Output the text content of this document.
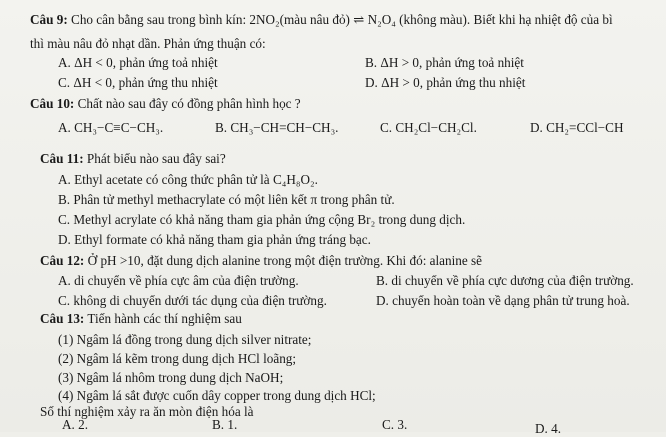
Câu 9: Cho cân bằng sau trong bình kín: 2NO₂(màu nâu đỏ) ⇌ N₂O₄ (không màu). Biết khi hạ nhiệt độ của bì
thì màu nâu đỏ nhạt dần. Phản ứng thuận có:
A. ΔH < 0, phản ứng toả nhiệt	B. ΔH > 0, phản ứng toả nhiệt
C. ΔH < 0, phản ứng thu nhiệt	D. ΔH > 0, phản ứng thu nhiệt
Câu 10: Chất nào sau đây có đồng phân hình học ?
A. CH₃−C≡C−CH₃.	B. CH₃−CH=CH−CH₃.	C. CH₂Cl−CH₂Cl.	D. CH₂=CCl−CH
Câu 11: Phát biểu nào sau đây sai?
A. Ethyl acetate có công thức phân tử là C₄H₈O₂.
B. Phân tử methyl methacrylate có một liên kết π trong phân tử.
C. Methyl acrylate có khả năng tham gia phản ứng cộng Br₂ trong dung dịch.
D. Ethyl formate có khả năng tham gia phản ứng tráng bạc.
Câu 12: Ở pH >10, đặt dung dịch alanine trong một điện trường. Khi đó: alanine sẽ
A. di chuyển về phía cực âm của điện trường.	B. di chuyển về phía cực dương của điện trường.
C. không di chuyển dưới tác dụng của điện trường.	D. chuyển hoàn toàn về dạng phân tử trung hoà.
Câu 13: Tiến hành các thí nghiệm sau
(1) Ngâm lá đồng trong dung dịch silver nitrate;
(2) Ngâm lá kẽm trong dung dịch HCl loãng;
(3) Ngâm lá nhôm trong dung dịch NaOH;
(4) Ngâm lá sắt được cuốn dây copper trong dung dịch HCl;
Số thí nghiệm xảy ra ăn mòn điện hóa là
A. 2.	B. 1.	C. 3.	D. 4.
